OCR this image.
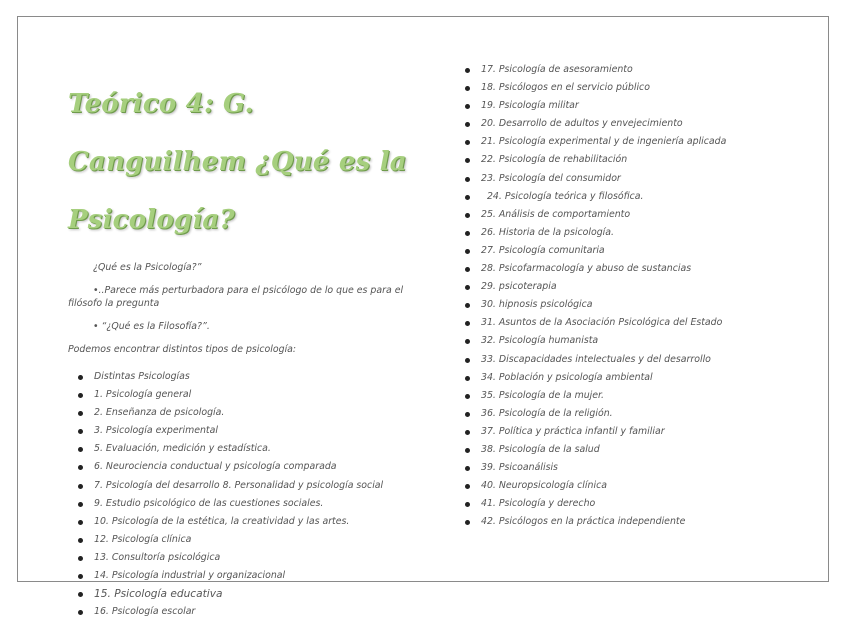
Teórico 4: G. Canguilhem ¿Qué es la Psicología?

¿Qué es la Psicología?”

•..Parece más perturbadora para el psicólogo de lo que es para el filósofo la pregunta

• “¿Qué es la Filosofía?”.

Podemos encontrar distintos tipos de psicología:

Distintas Psicologías
1. Psicología general
2. Enseñanza de psicología.
3. Psicología experimental
5. Evaluación, medición y estadística.
6. Neurociencia conductual y psicología comparada
7. Psicología del desarrollo 8. Personalidad y psicología social
9. Estudio psicológico de las cuestiones sociales.
10. Psicología de la estética, la creatividad y las artes.
12. Psicología clínica
13. Consultoría psicológica
14. Psicología industrial y organizacional
15. Psicología educativa
16. Psicología escolar
17. Psicología de asesoramiento
18. Psicólogos en el servicio público
19. Psicología militar
20. Desarrollo de adultos y envejecimiento
21. Psicología experimental y de ingeniería aplicada
22. Psicología de rehabilitación
23. Psicología del consumidor
24. Psicología teórica y filosófica.
25. Análisis de comportamiento
26. Historia de la psicología.
27. Psicología comunitaria
28. Psicofarmacología y abuso de sustancias
29. psicoterapia
30. hipnosis psicológica
31. Asuntos de la Asociación Psicológica del Estado
32. Psicología humanista
33. Discapacidades intelectuales y del desarrollo
34. Población y psicología ambiental
35. Psicología de la mujer.
36. Psicología de la religión.
37. Política y práctica infantil y familiar
38. Psicología de la salud
39. Psicoanálisis
40. Neuropsicología clínica
41. Psicología y derecho
42. Psicólogos en la práctica independiente
